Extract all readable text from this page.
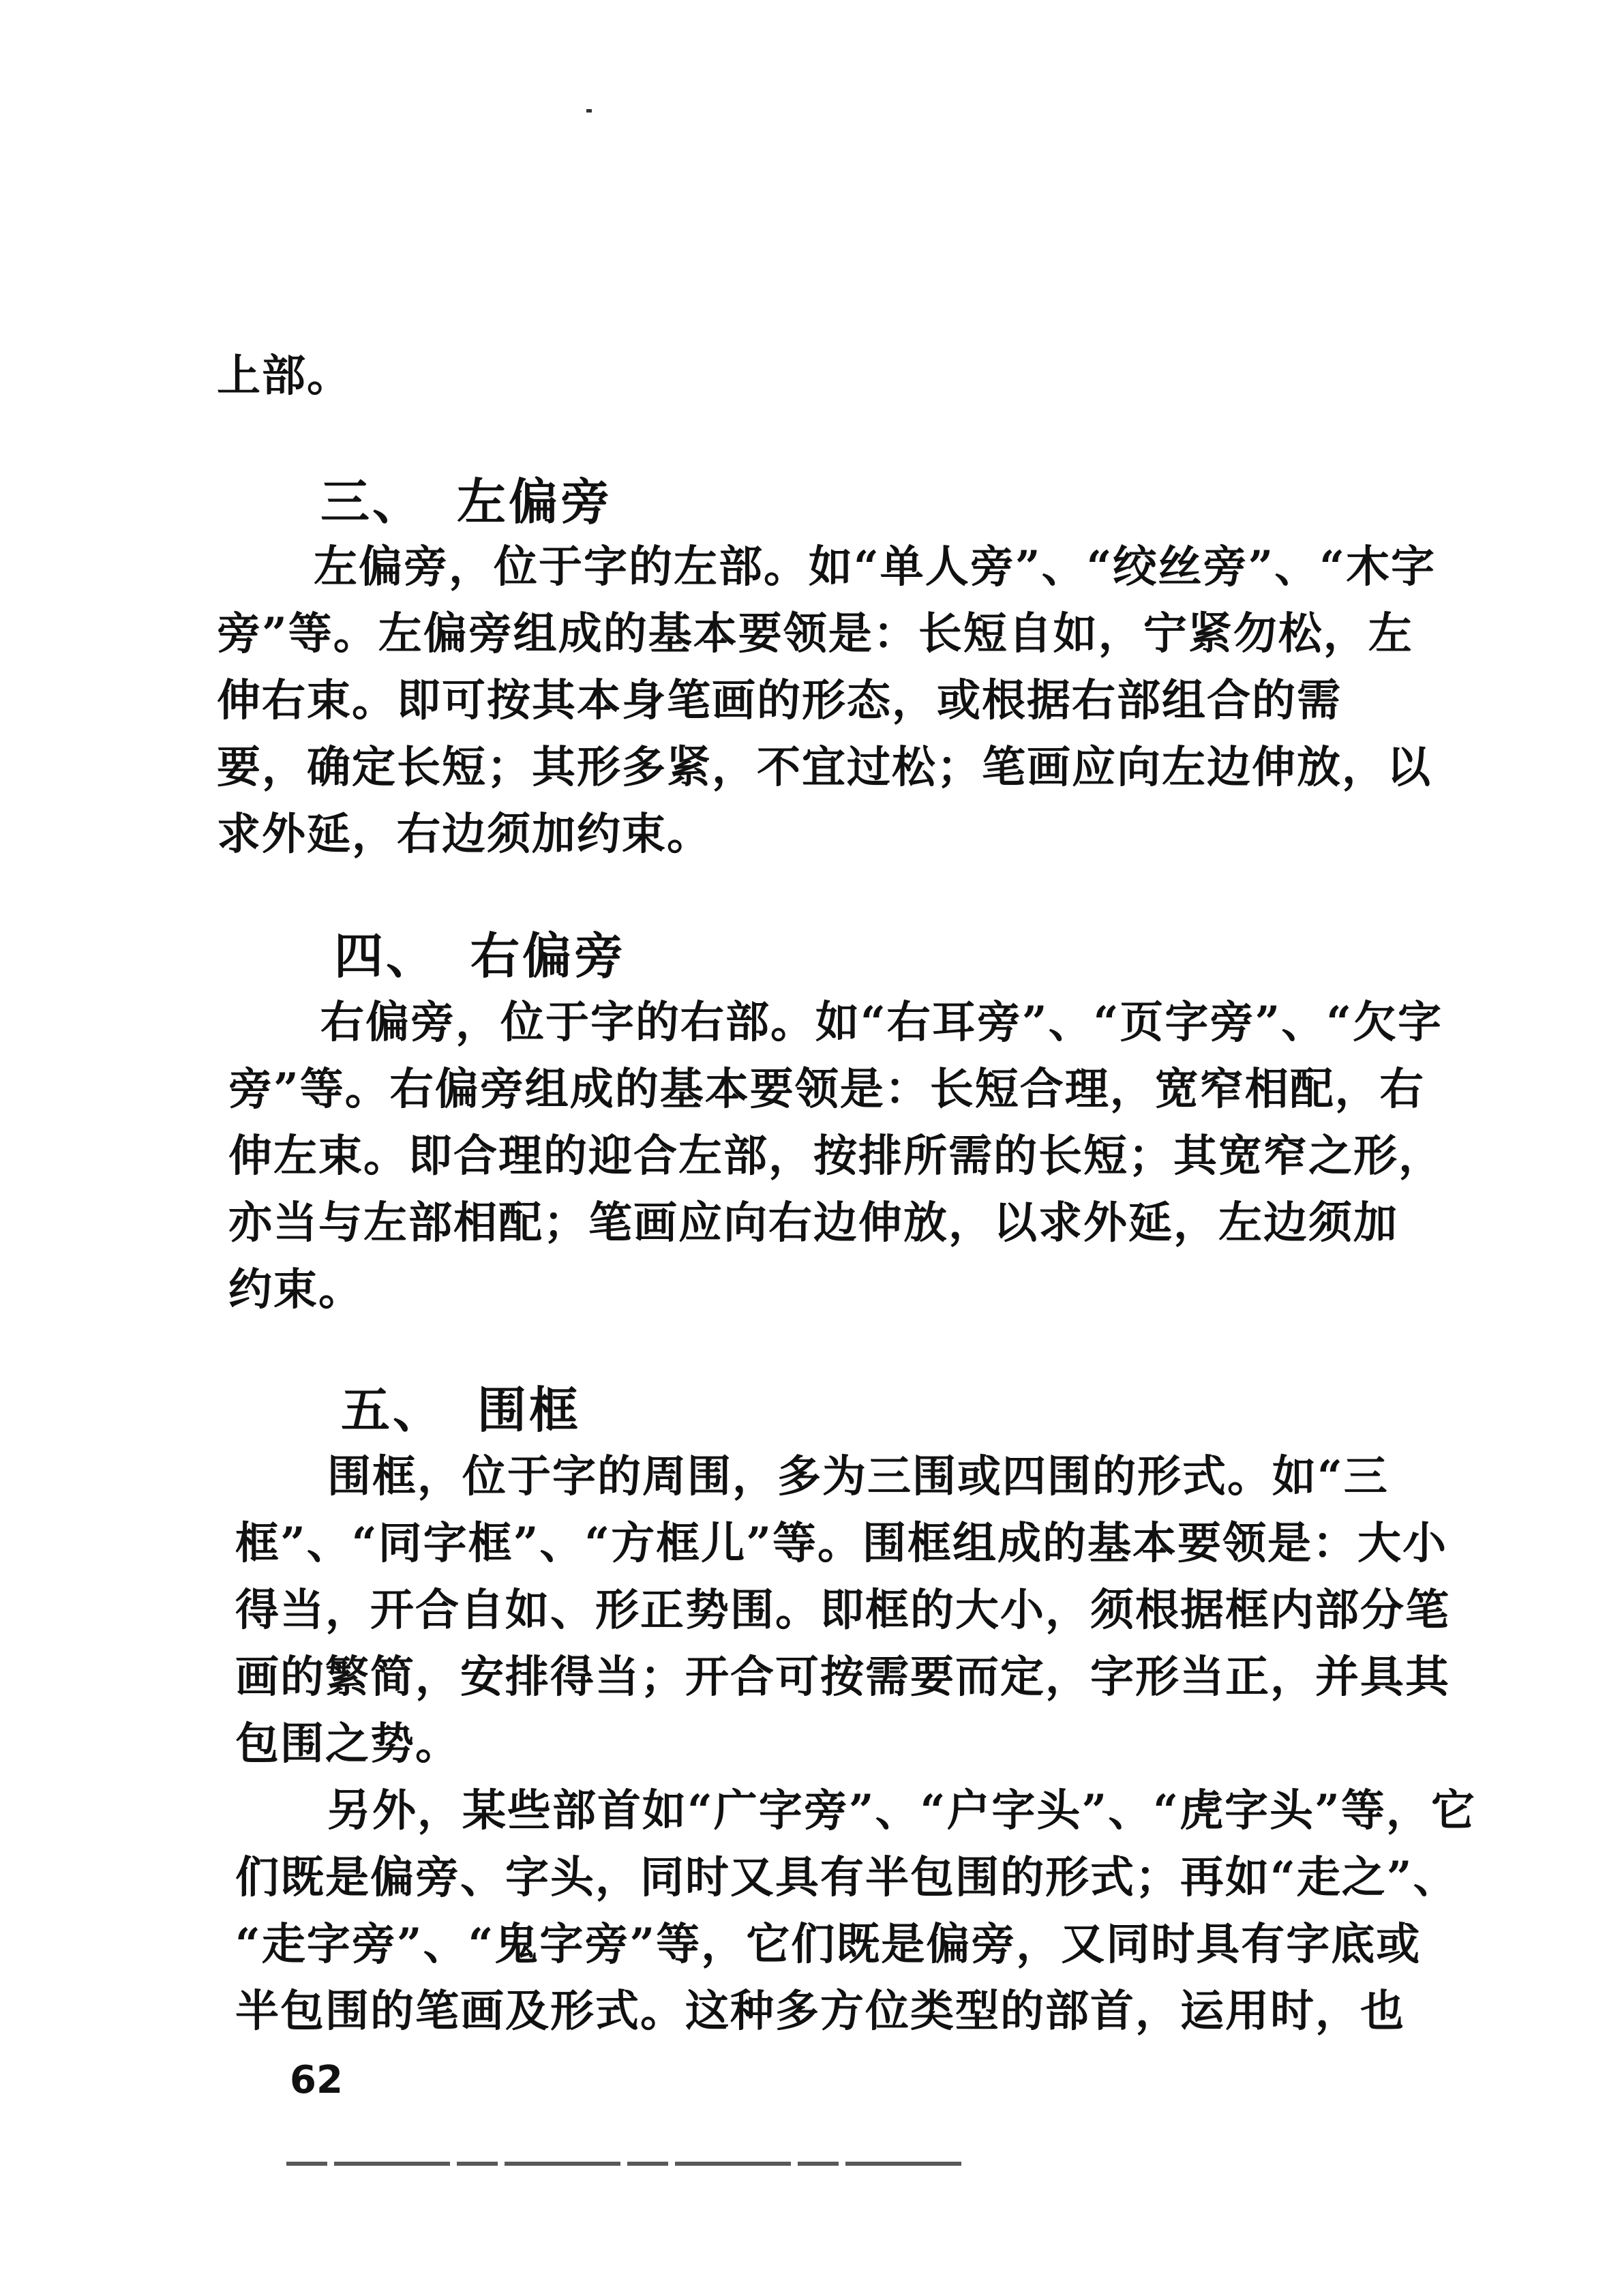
上部。
三、 左偏旁
左偏旁，位于字的左部。如“单人旁”、“绞丝旁”、“木字
旁”等。左偏旁组成的基本要领是：长短自如，宁紧勿松，左
伸右束。即可按其本身笔画的形态，或根据右部组合的需
要，确定长短；其形多紧，不宜过松；笔画应向左边伸放，以
求外延，右边须加约束。
四、 右偏旁
右偏旁，位于字的右部。如“右耳旁”、“页字旁”、“欠字
旁”等。右偏旁组成的基本要领是：长短合理，宽窄相配，右
伸左束。即合理的迎合左部，按排所需的长短；其宽窄之形，
亦当与左部相配；笔画应向右边伸放，以求外延，左边须加
约束。
五、 围框
围框，位于字的周围，多为三围或四围的形式。如“三
框”、“同字框”、“方框儿”等。围框组成的基本要领是：大小
得当，开合自如、形正势围。即框的大小，须根据框内部分笔
画的繁简，安排得当；开合可按需要而定，字形当正，并具其
包围之势。
另外，某些部首如“广字旁”、“户字头”、“虎字头”等，它
们既是偏旁、字头，同时又具有半包围的形式；再如“走之”、
“走字旁”、“鬼字旁”等，它们既是偏旁，又同时具有字底或
半包围的笔画及形式。这种多方位类型的部首，运用时，也
62
